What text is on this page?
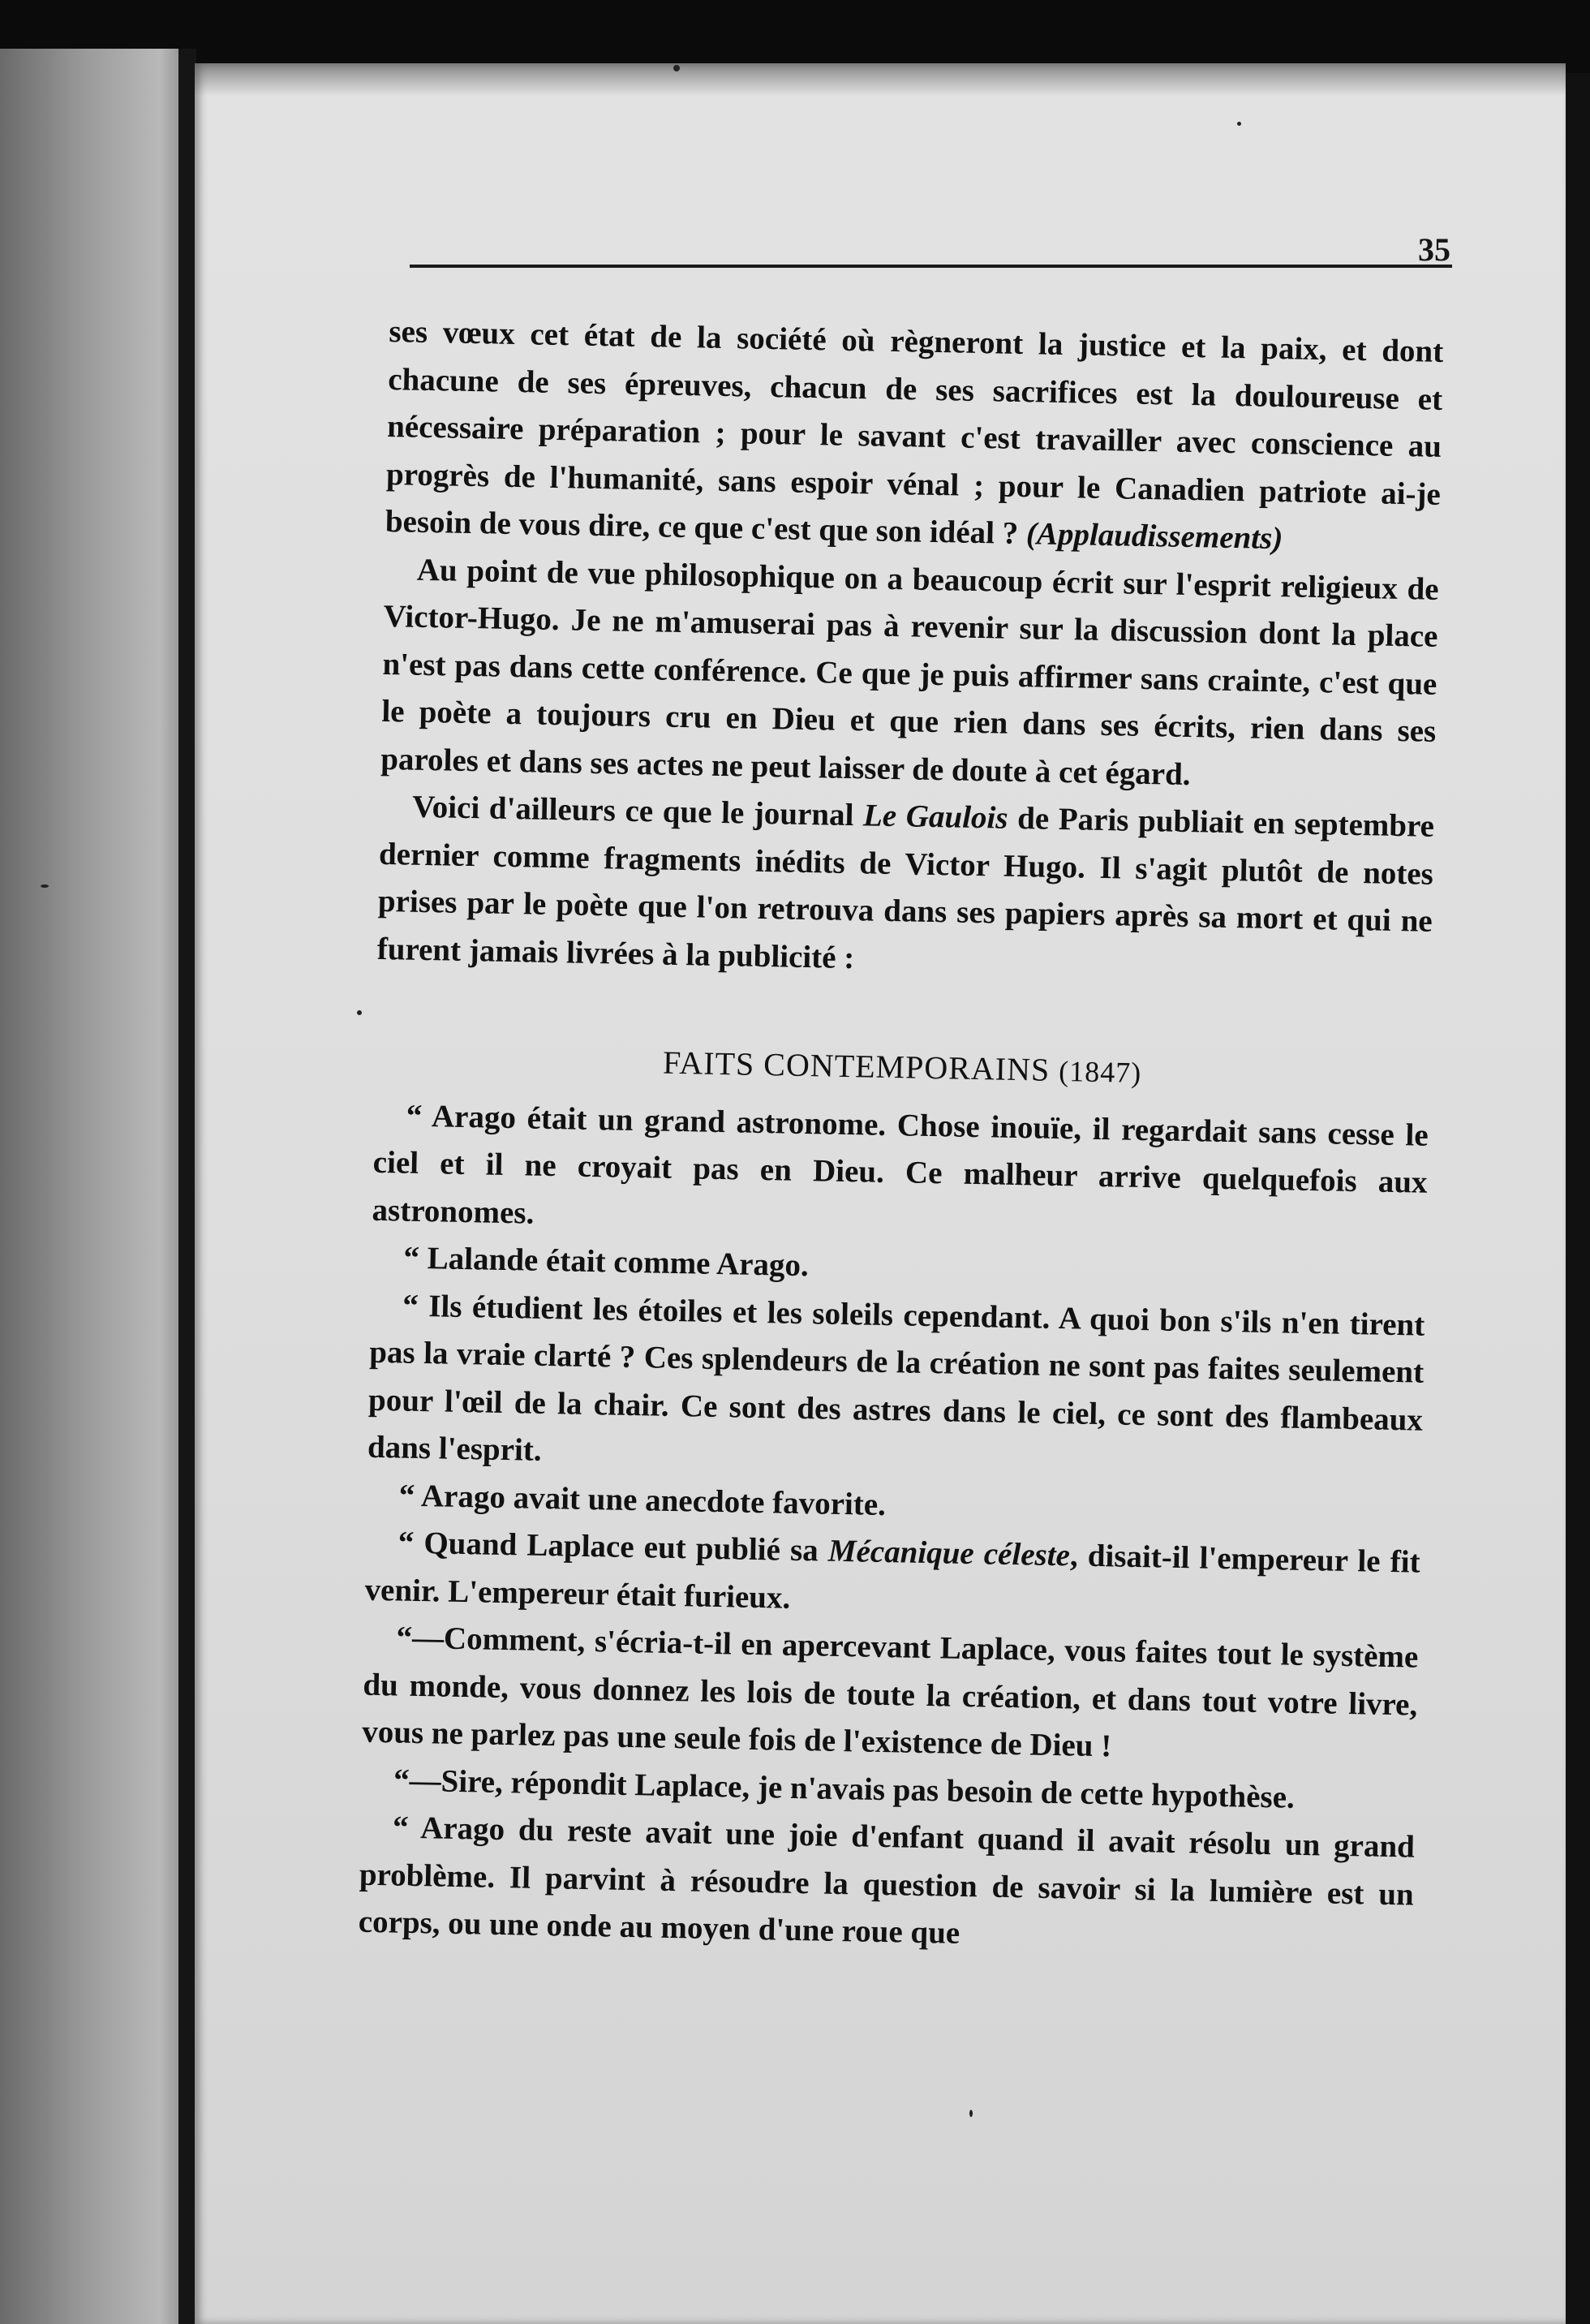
35

ses vœux cet état de la société où règneront la justice et la paix, et dont chacune de ses épreuves, chacun de ses sacrifices est la douloureuse et nécessaire préparation ; pour le savant c'est travailler avec conscience au progrès de l'humanité, sans espoir vénal ; pour le Canadien patriote ai-je besoin de vous dire, ce que c'est que son idéal ? (Applaudissements)

Au point de vue philosophique on a beaucoup écrit sur l'esprit religieux de Victor-Hugo. Je ne m'amuserai pas à revenir sur la discussion dont la place n'est pas dans cette conférence. Ce que je puis affirmer sans crainte, c'est que le poète a toujours cru en Dieu et que rien dans ses écrits, rien dans ses paroles et dans ses actes ne peut laisser de doute à cet égard.

Voici d'ailleurs ce que le journal Le Gaulois de Paris publiait en septembre dernier comme fragments inédits de Victor Hugo. Il s'agit plutôt de notes prises par le poète que l'on retrouva dans ses papiers après sa mort et qui ne furent jamais livrées à la publicité :

FAITS CONTEMPORAINS (1847)

“ Arago était un grand astronome. Chose inouïe, il regardait sans cesse le ciel et il ne croyait pas en Dieu. Ce malheur arrive quelquefois aux astronomes.

“ Lalande était comme Arago.

“ Ils étudient les étoiles et les soleils cependant. A quoi bon s'ils n'en tirent pas la vraie clarté ? Ces splendeurs de la création ne sont pas faites seulement pour l'œil de la chair. Ce sont des astres dans le ciel, ce sont des flambeaux dans l'esprit.

“ Arago avait une anecdote favorite.

“ Quand Laplace eut publié sa Mécanique céleste, disait-il l'empereur le fit venir. L'empereur était furieux.

“—Comment, s'écria-t-il en apercevant Laplace, vous faites tout le système du monde, vous donnez les lois de toute la création, et dans tout votre livre, vous ne parlez pas une seule fois de l'existence de Dieu !

“—Sire, répondit Laplace, je n'avais pas besoin de cette hypothèse.

“ Arago du reste avait une joie d'enfant quand il avait résolu un grand problème. Il parvint à résoudre la question de savoir si la lumière est un corps, ou une onde au moyen d'une roue que
